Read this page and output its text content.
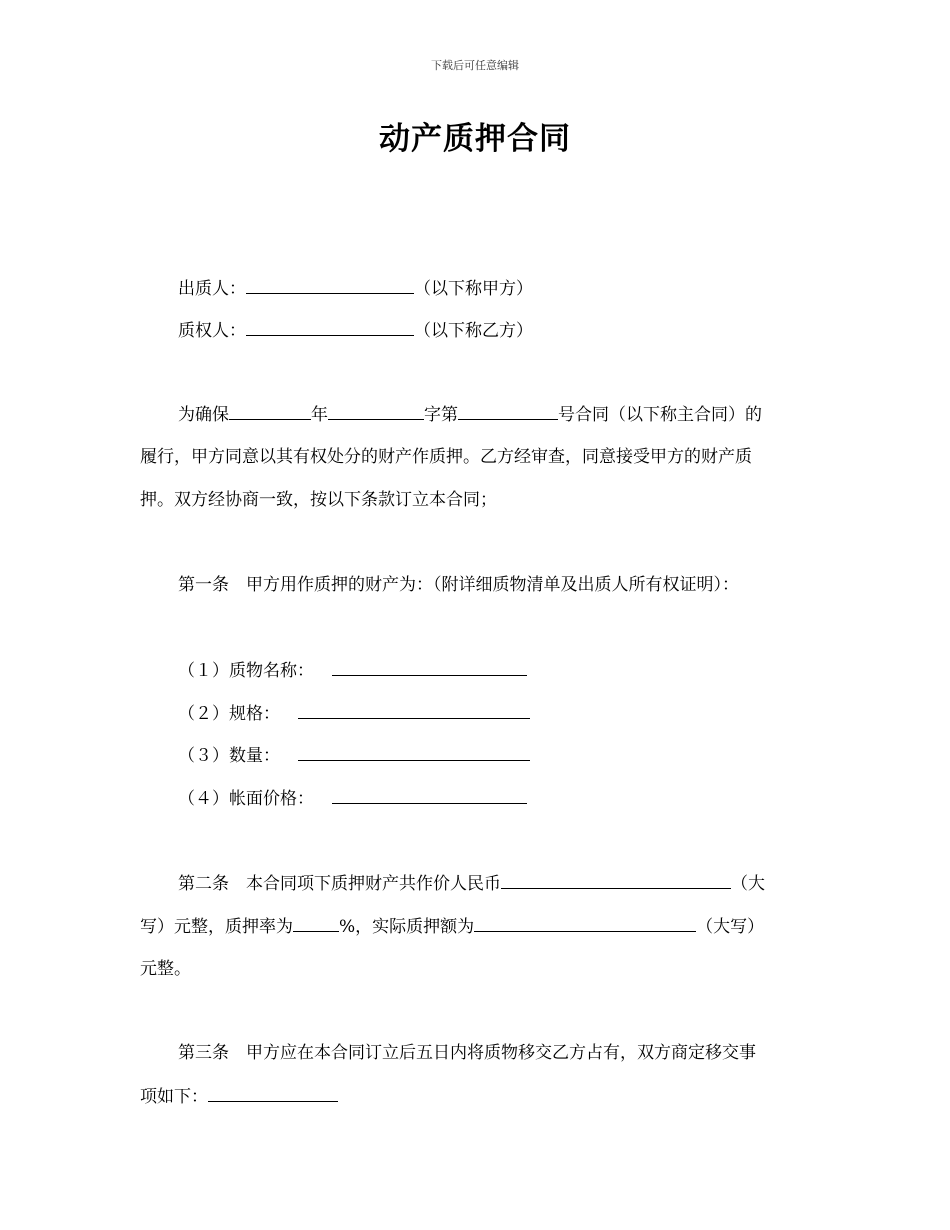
下载后可任意编辑
动产质押合同
出质人：	（以下称甲方）
质权人：	（以下称乙方）
为确保	年	字第	号合同（以下称主合同）的
履行，甲方同意以其有权处分的财产作质押。乙方经审查，同意接受甲方的财产质
押。双方经协商一致，按以下条款订立本合同；
第一条　甲方用作质押的财产为：（附详细质物清单及出质人所有权证明）：
（１）质物名称：
（２）规格：
（３）数量：
（４）帐面价格：
第二条　本合同项下质押财产共作价人民币	（大
写）元整，质押率为	%，实际质押额为	（大写）
元整。
第三条　甲方应在本合同订立后五日内将质物移交乙方占有，双方商定移交事
项如下：
